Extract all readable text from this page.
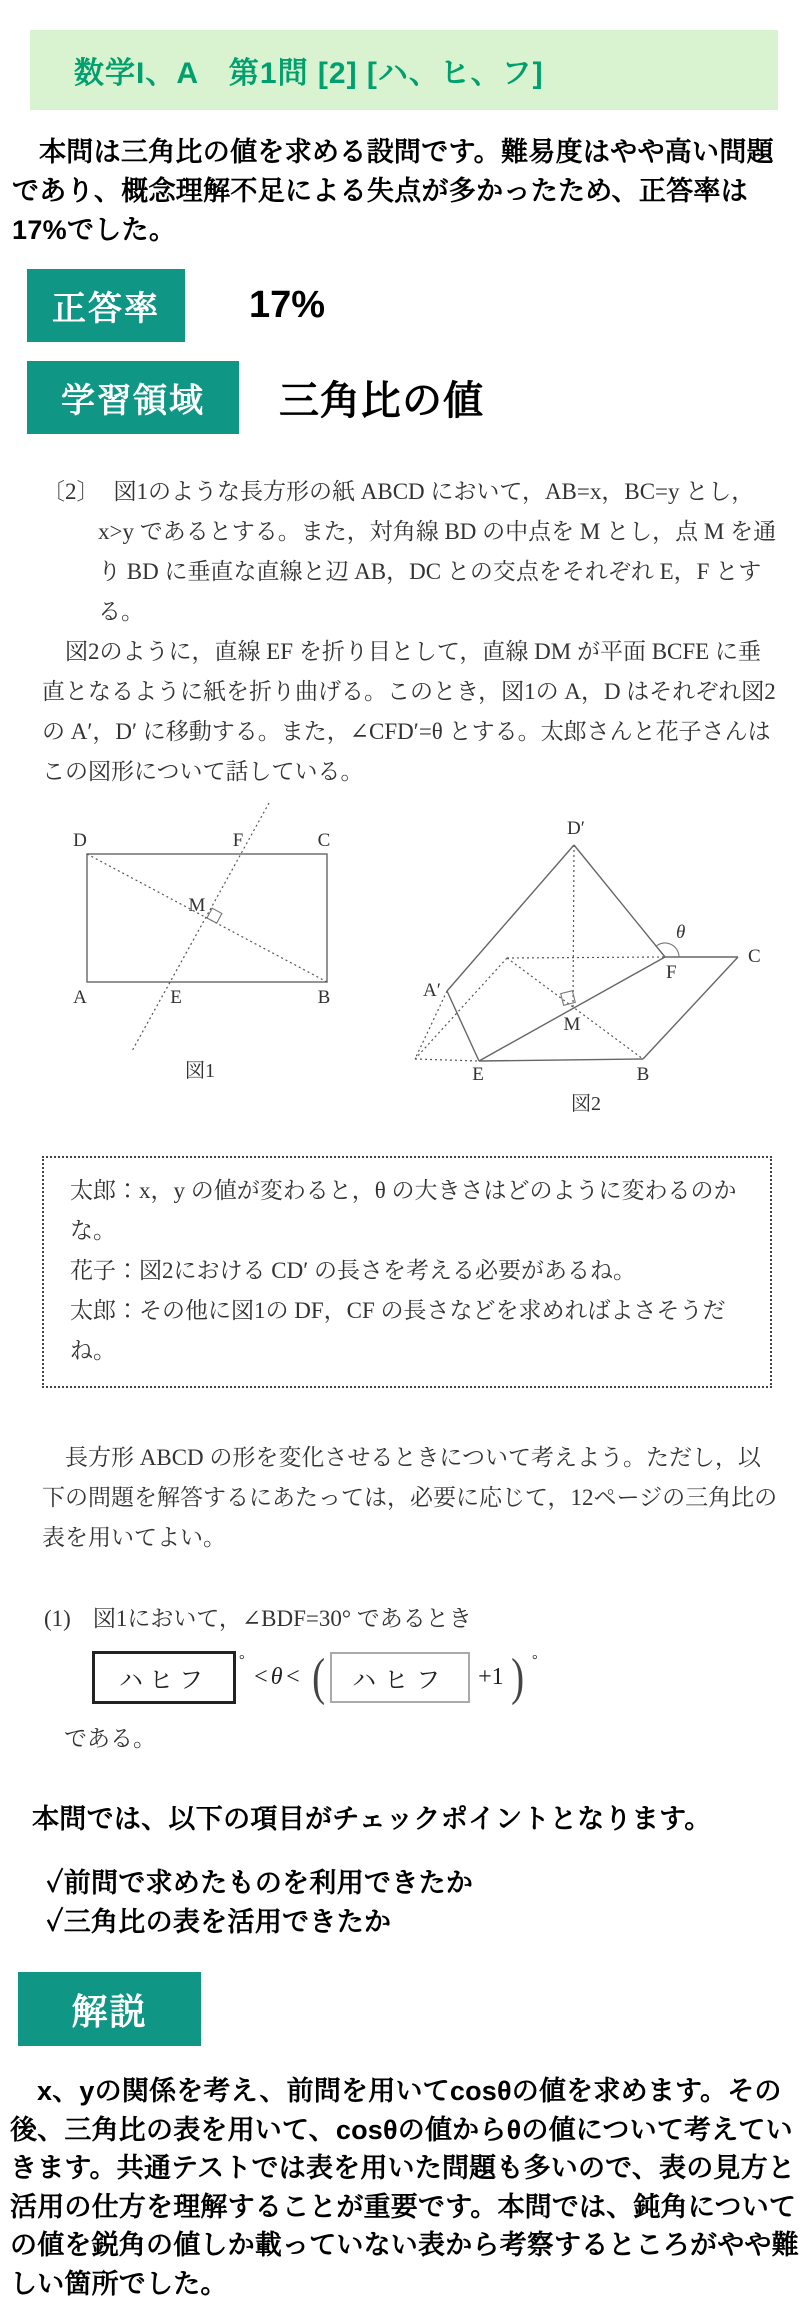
数学I、A　第1問 [2] [ハ、ヒ、フ]
本問は三角比の値を求める設問です。難易度はやや高い問題であり、概念理解不足による失点が多かったため、正答率は17%でした。
正答率	17%
学習領域	三角比の値

〔2〕 図1のような長方形の紙 ABCD において，AB=x，BC=y とし，x>y であるとする。また，対角線 BD の中点を M とし，点 M を通り BD に垂直な直線と辺 AB，DC との交点をそれぞれ E，F とする。

図2のように，直線 EF を折り目として，直線 DM が平面 BCFE に垂直となるように紙を折り曲げる。このとき，図1の A，D はそれぞれ図2の A′，D′ に移動する。また，∠CFD′=θ とする。太郎さんと花子さんはこの図形について話している。

D	F	C
A	E	B
M
図1
D′
A′
E	B
C
F
M
θ
図2
太郎：x，y の値が変わると，θ の大きさはどのように変わるのかな。
花子：図2における CD′ の長さを考える必要があるね。
太郎：その他に図1の DF，CF の長さなどを求めればよさそうだね。

長方形 ABCD の形を変化させるときについて考えよう。ただし，以下の問題を解答するにあたっては，必要に応じて，12ページの三角比の表を用いてよい。

(1) 図1において，∠BDF=30° であるとき
ハヒフ
°
<θ< (	ハヒフ	+1 ) °
である。
本問では、以下の項目がチェックポイントとなります。
✓前問で求めたものを利用できたか
✓三角比の表を活用できたか
解説
x、yの関係を考え、前問を用いてcosθの値を求めます。その後、三角比の表を用いて、cosθの値からθの値について考えていきます。共通テストでは表を用いた問題も多いので、表の見方と活用の仕方を理解することが重要です。本問では、鈍角についての値を鋭角の値しか載っていない表から考察するところがやや難しい箇所でした。
